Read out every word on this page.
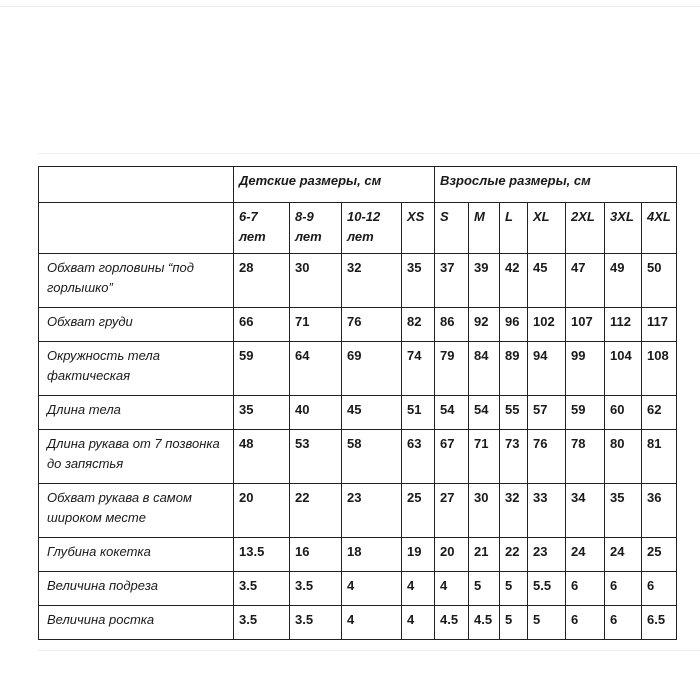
	Детские размеры, см				Взрослые размеры, см						

	6-7 лет	8-9 лет	10-12 лет	XS	S	M	L	XL	2XL	3XL	4XL

Обхват горловины “под горлышко”	28	30	32	35	37	39	42	45	47	49	50
Обхват груди	66	71	76	82	86	92	96	102	107	112	117
Окружность тела фактическая	59	64	69	74	79	84	89	94	99	104	108
Длина тела	35	40	45	51	54	54	55	57	59	60	62
Длина рукава от 7 позвонка до запястья	48	53	58	63	67	71	73	76	78	80	81
Обхват рукава в самом широком месте	20	22	23	25	27	30	32	33	34	35	36
Глубина кокетка	13.5	16	18	19	20	21	22	23	24	24	25
Величина подреза	3.5	3.5	4	4	4	5	5	5.5	6	6	6
Величина ростка	3.5	3.5	4	4	4.5	4.5	5	5	6	6	6.5
